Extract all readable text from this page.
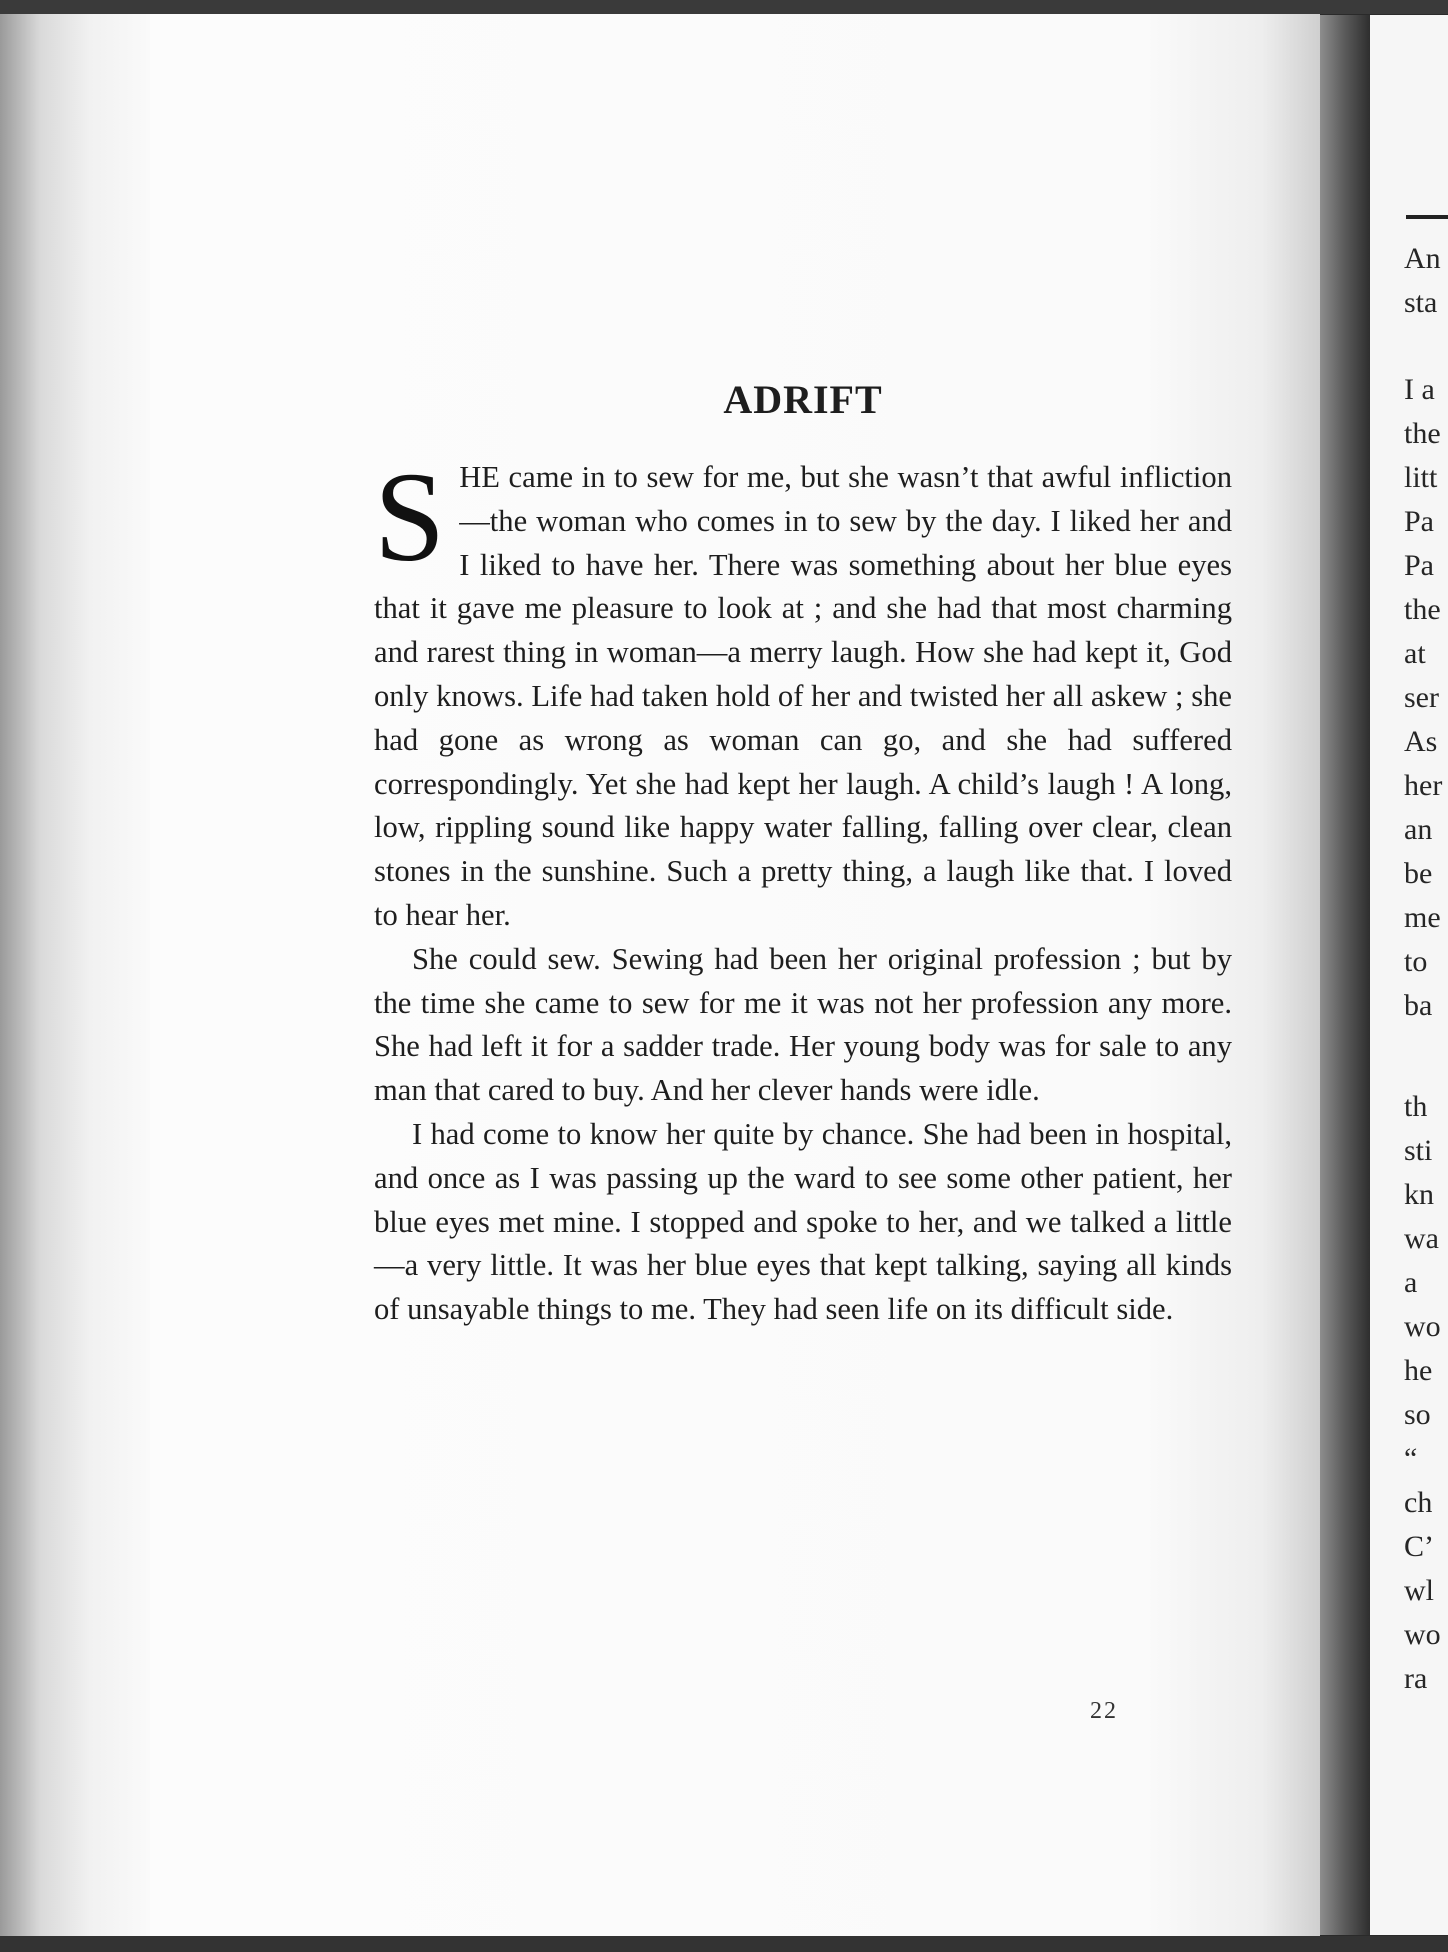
An

sta

I a

the

litt

Pa

Pa

the

at

ser

As

her

an

be

me

to

ba

th

sti

kn

wa

a

wo

he

so

“

ch

C’

wl

wo

ra

ADRIFT

SHE came in to sew for me, but she wasn’t that awful infliction—the woman who comes in to sew by the day. I liked her and I liked to have her. There was something about her blue eyes that it gave me pleasure to look at ; and she had that most charming and rarest thing in woman—a merry laugh. How she had kept it, God only knows. Life had taken hold of her and twisted her all askew ; she had gone as wrong as woman can go, and she had suffered correspondingly. Yet she had kept her laugh. A child’s laugh ! A long, low, rippling sound like happy water falling, falling over clear, clean stones in the sunshine. Such a pretty thing, a laugh like that. I loved to hear her.

She could sew. Sewing had been her original profession ; but by the time she came to sew for me it was not her profession any more. She had left it for a sadder trade. Her young body was for sale to any man that cared to buy. And her clever hands were idle.

I had come to know her quite by chance. She had been in hospital, and once as I was passing up the ward to see some other patient, her blue eyes met mine. I stopped and spoke to her, and we talked a little—a very little. It was her blue eyes that kept talking, saying all kinds of unsayable things to me. They had seen life on its difficult side.

22
